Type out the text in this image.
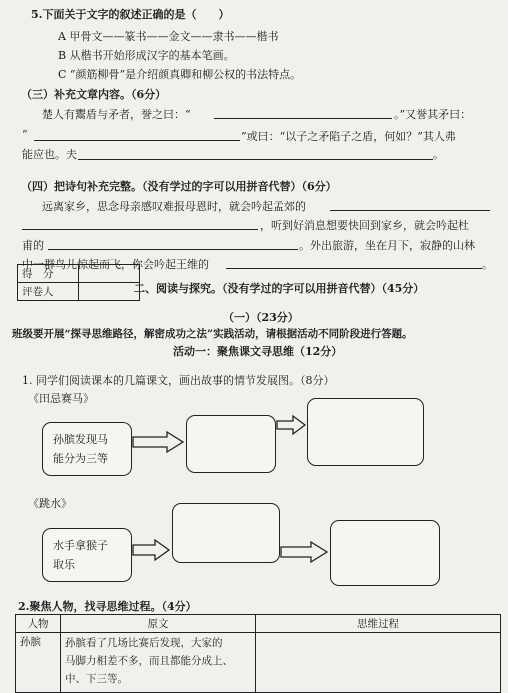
5.下面关于文字的叙述正确的是（　　）
A 甲骨文——篆书——金文——隶书——楷书
B 从楷书开始形成汉字的基本笔画。
C “颜筋柳骨”是介绍颜真卿和柳公权的书法特点。
（三）补充文章内容。（6分）
楚人有鬻盾与矛者，誉之曰：“	。”又誉其矛曰：
“	”或曰：“以子之矛陷子之盾，何如？”其人弗
能应也。夫	。
（四）把诗句补充完整。（没有学过的字可以用拼音代替）（6分）
远离家乡，思念母亲感叹难报母恩时，就会吟起孟郊的
，听到好消息想要快回到家乡，就会吟起杜
甫的	。外出旅游，坐在月下，寂静的山林
中一群鸟儿惊起而飞，你会吟起王维的	。
得　分	
评卷人		二、阅读与探究。（没有学过的字可以用拼音代替）（45分）
（一）（23分）
班级要开展“探寻思维路径，解密成功之法”实践活动，请根据活动不同阶段进行答题。
活动一：聚焦课文寻思维（12分）
1. 同学们阅读课本的几篇课文，画出故事的情节发展图。（8分）
《田忌赛马》
孙膑发现马
能分为三等
《跳水》
水手拿猴子
取乐
2.聚焦人物，找寻思维过程。（4分）
人物	原文	思维过程
孙膑	孙膑看了几场比赛后发现，大家的
马脚力相差不多，而且都能分成上、
中、下三等。	
